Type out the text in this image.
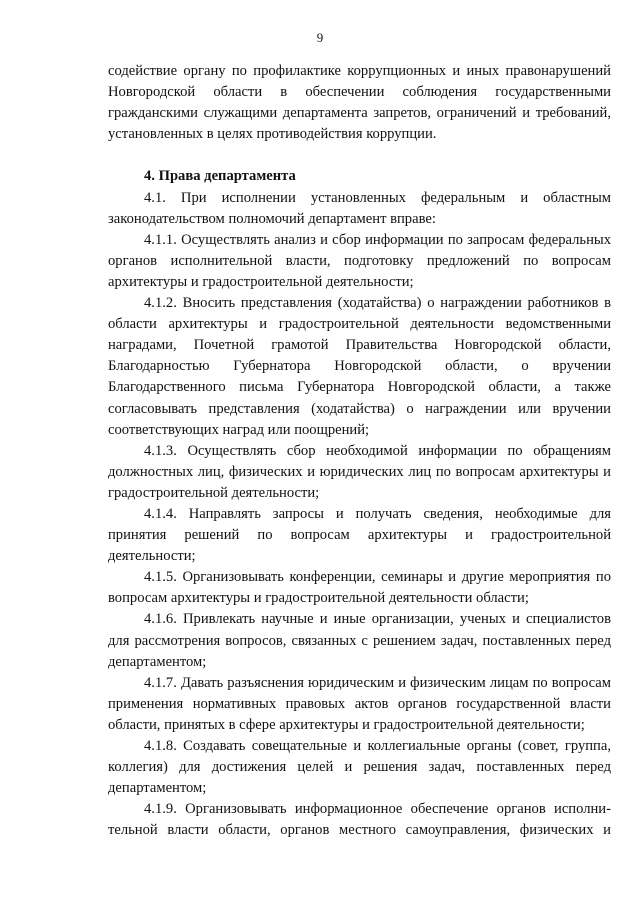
9

содействие органу по профилактике коррупционных и иных правонарушений Новгородской области в обеспечении соблюдения государственными гражданскими служащими департамента запретов, ограничений и требований, установленных в целях противодействия коррупции.

4. Права департамента

4.1. При исполнении установленных федеральным и областным законодательством полномочий департамент вправе:

4.1.1. Осуществлять анализ и сбор информации по запросам федеральных органов исполнительной власти, подготовку предложений по вопросам архитектуры и градостроительной деятельности;

4.1.2. Вносить представления (ходатайства) о награждении работников в области архитектуры и градостроительной деятельности ведомственными наградами, Почетной грамотой Правительства Новгородской области, Благодарностью Губернатора Новгородской области, о вручении Благодарственного письма Губернатора Новгородской области, а также согласовывать представления (ходатайства) о награждении или вручении соответствующих наград или поощрений;

4.1.3. Осуществлять сбор необходимой информации по обращениям должностных лиц, физических и юридических лиц по вопросам архитектуры и градостроительной деятельности;

4.1.4. Направлять запросы и получать сведения, необходимые для принятия решений по вопросам архитектуры и градостроительной деятельности;

4.1.5. Организовывать конференции, семинары и другие мероприятия по вопросам архитектуры и градостроительной деятельности области;

4.1.6. Привлекать научные и иные организации, ученых и специалистов для рассмотрения вопросов, связанных с решением задач, поставленных перед департаментом;

4.1.7. Давать разъяснения юридическим и физическим лицам по вопросам применения нормативных правовых актов органов государственной власти области, принятых в сфере архитектуры и градостроительной деятельности;

4.1.8. Создавать совещательные и коллегиальные органы (совет, группа, коллегия) для достижения целей и решения задач, поставленных перед департаментом;

4.1.9. Организовывать информационное обеспечение органов исполнительной власти области, органов местного самоуправления, физических и
